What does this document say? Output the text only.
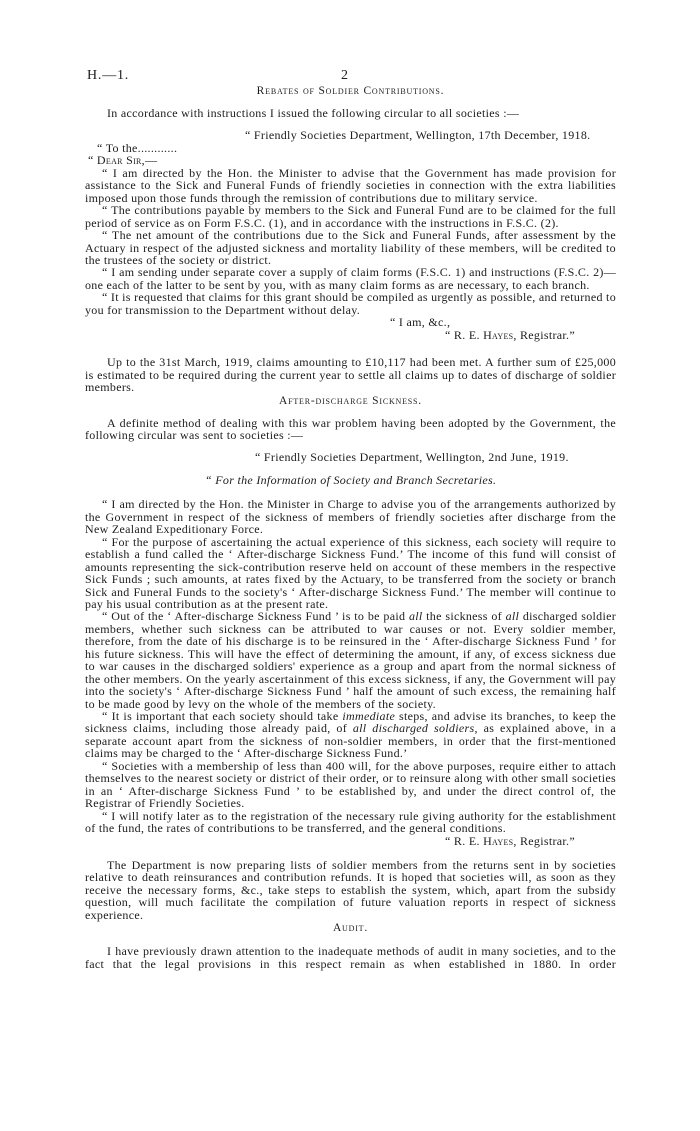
H.—1.	2
Rebates of Soldier Contributions.

In accordance with instructions I issued the following circular to all societies :—

“ Friendly Societies Department, Wellington, 17th December, 1918.

“ To the............

“ Dear Sir,—

“ I am directed by the Hon. the Minister to advise that the Government has made provision for assistance to the Sick and Funeral Funds of friendly societies in connection with the extra liabilities imposed upon those funds through the remission of contributions due to military service.

“ The contributions payable by members to the Sick and Funeral Fund are to be claimed for the full period of service as on Form F.S.C. (1), and in accordance with the instructions in F.S.C. (2).

“ The net amount of the contributions due to the Sick and Funeral Funds, after assessment by the Actuary in respect of the adjusted sickness and mortality liability of these members, will be credited to the trustees of the society or district.

“ I am sending under separate cover a supply of claim forms (F.S.C. 1) and instructions (F.S.C. 2)—one each of the latter to be sent by you, with as many claim forms as are necessary, to each branch.

“ It is requested that claims for this grant should be compiled as urgently as possible, and returned to you for transmission to the Department without delay.

“ I am, &c.,

“ R. E. Hayes, Registrar.”

Up to the 31st March, 1919, claims amounting to £10,117 had been met. A further sum of £25,000 is estimated to be required during the current year to settle all claims up to dates of discharge of soldier members.

After-discharge Sickness.

A definite method of dealing with this war problem having been adopted by the Government, the following circular was sent to societies :—

“ Friendly Societies Department, Wellington, 2nd June, 1919.

“ For the Information of Society and Branch Secretaries.

“ I am directed by the Hon. the Minister in Charge to advise you of the arrangements authorized by the Government in respect of the sickness of members of friendly societies after discharge from the New Zealand Expeditionary Force.

“ For the purpose of ascertaining the actual experience of this sickness, each society will require to establish a fund called the ‘ After-discharge Sickness Fund.’ The income of this fund will consist of amounts representing the sick-contribution reserve held on account of these members in the respective Sick Funds ; such amounts, at rates fixed by the Actuary, to be transferred from the society or branch Sick and Funeral Funds to the society's ‘ After-discharge Sickness Fund.’ The member will continue to pay his usual contribution as at the present rate.

“ Out of the ‘ After-discharge Sickness Fund ’ is to be paid all the sickness of all discharged soldier members, whether such sickness can be attributed to war causes or not. Every soldier member, therefore, from the date of his discharge is to be reinsured in the ‘ After-discharge Sickness Fund ’ for his future sickness. This will have the effect of determining the amount, if any, of excess sickness due to war causes in the discharged soldiers' experience as a group and apart from the normal sickness of the other members. On the yearly ascertainment of this excess sickness, if any, the Government will pay into the society's ‘ After-discharge Sickness Fund ’ half the amount of such excess, the remaining half to be made good by levy on the whole of the members of the society.

“ It is important that each society should take immediate steps, and advise its branches, to keep the sickness claims, including those already paid, of all discharged soldiers, as explained above, in a separate account apart from the sickness of non-soldier members, in order that the first-mentioned claims may be charged to the ‘ After-discharge Sickness Fund.’

“ Societies with a membership of less than 400 will, for the above purposes, require either to attach themselves to the nearest society or district of their order, or to reinsure along with other small societies in an ‘ After-discharge Sickness Fund ’ to be established by, and under the direct control of, the Registrar of Friendly Societies.

“ I will notify later as to the registration of the necessary rule giving authority for the establishment of the fund, the rates of contributions to be transferred, and the general conditions.

“ R. E. Hayes, Registrar.”

The Department is now preparing lists of soldier members from the returns sent in by societies relative to death reinsurances and contribution refunds. It is hoped that societies will, as soon as they receive the necessary forms, &c., take steps to establish the system, which, apart from the subsidy question, will much facilitate the compilation of future valuation reports in respect of sickness experience.

Audit.

I have previously drawn attention to the inadequate methods of audit in many societies, and to the fact that the legal provisions in this respect remain as when established in 1880. In order
